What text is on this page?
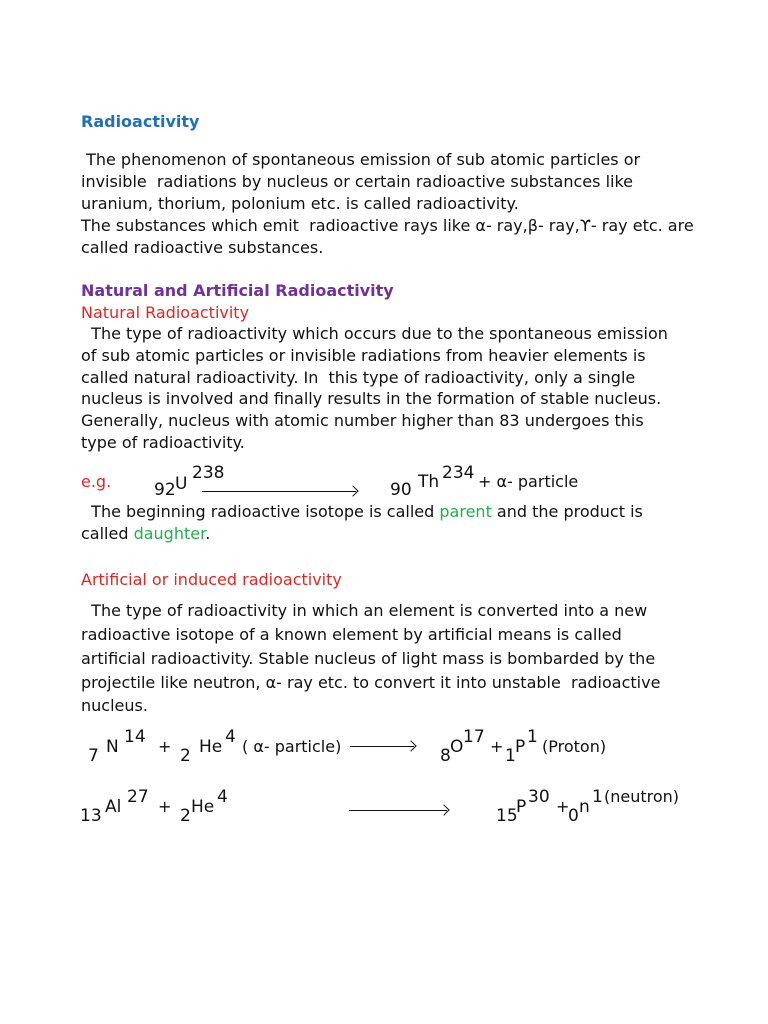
Radioactivity
The phenomenon of spontaneous emission of sub atomic particles or
invisible  radiations by nucleus or certain radioactive substances like
uranium, thorium, polonium etc. is called radioactivity.
The substances which emit  radioactive rays like α- ray,β- ray,ϒ- ray etc. are
called radioactive substances.
Natural and Artificial Radioactivity
Natural Radioactivity
The type of radioactivity which occurs due to the spontaneous emission
of sub atomic particles or invisible radiations from heavier elements is
called natural radioactivity. In  this type of radioactivity, only a single
nucleus is involved and finally results in the formation of stable nucleus.
Generally, nucleus with atomic number higher than 83 undergoes this
type of radioactivity.
e.g.	92 U
238
90 Th 234 + α- particle
The beginning radioactive isotope is called parent and the product is
called daughter.
Artificial or induced radioactivity
The type of radioactivity in which an element is converted into a new
radioactive isotope of a known element by artificial means is called
artificial radioactivity. Stable nucleus of light mass is bombarded by the
projectile like neutron, α- ray etc. to convert it into unstable  radioactive
nucleus.
7 N 14 + 2 He 4 ( α- particle)	8 O 17 + 1 P 1 (Proton)
13 Al 27 + 2 He 4
15
P 30 +
0 n 1 (neutron)
